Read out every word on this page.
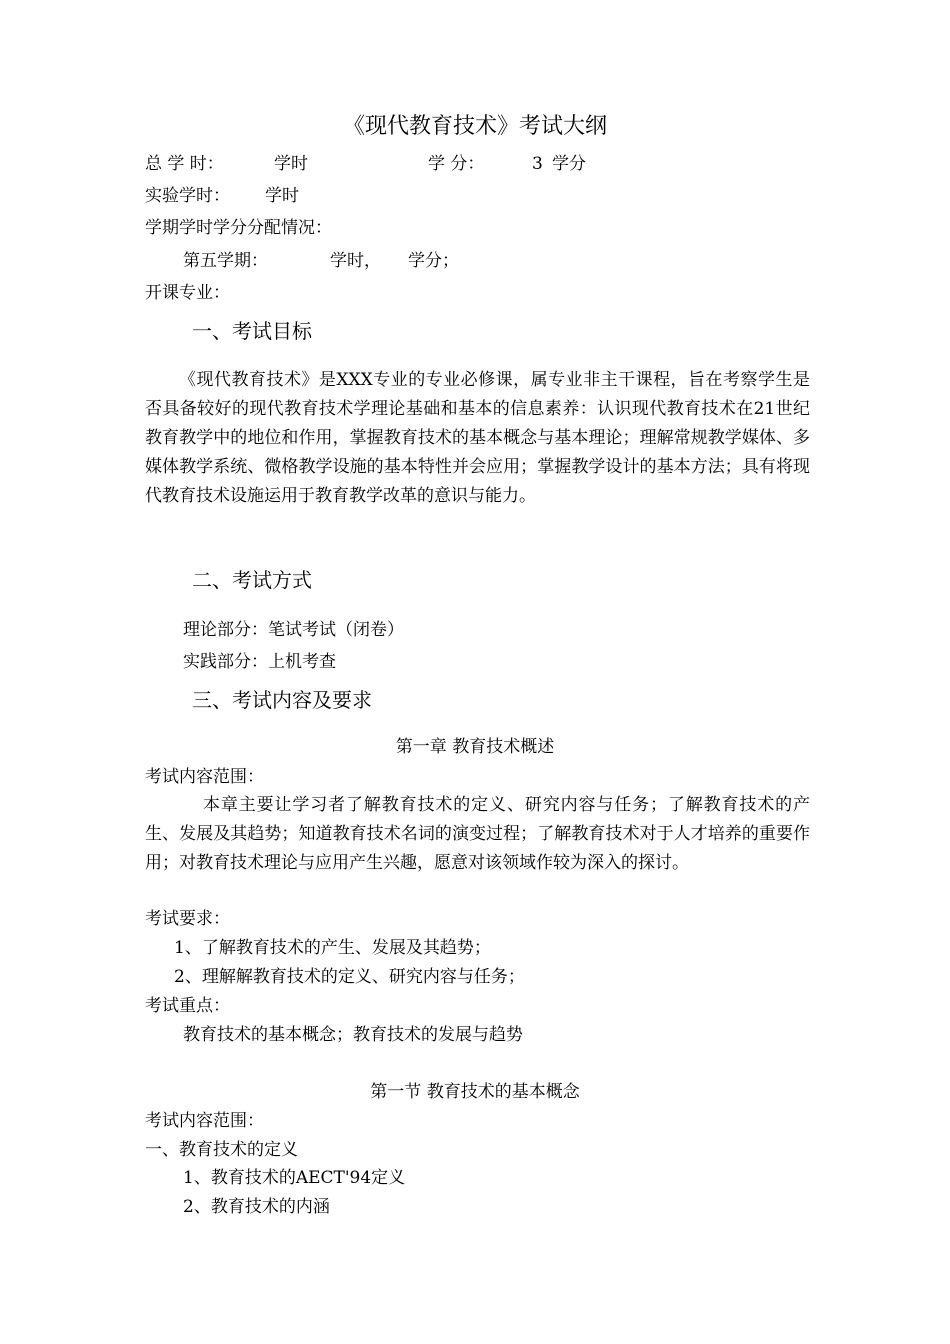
《现代教育技术》考试大纲
总 学 时：	学时	学 分：	3 学分
实验学时： 学时
学期学时学分分配情况：
第五学期：	学时， 学分；
开课专业：
一、考试目标
《现代教育技术》是XXX专业的专业必修课，属专业非主干课程，旨在考察学生是否具备较好的现代教育技术学理论基础和基本的信息素养：认识现代教育技术在21世纪教育教学中的地位和作用，掌握教育技术的基本概念与基本理论；理解常规教学媒体、多媒体教学系统、微格教学设施的基本特性并会应用；掌握教学设计的基本方法；具有将现代教育技术设施运用于教育教学改革的意识与能力。
二、考试方式
理论部分：笔试考试（闭卷）
实践部分：上机考查
三、考试内容及要求
第一章 教育技术概述
考试内容范围：
本章主要让学习者了解教育技术的定义、研究内容与任务；了解教育技术的产生、发展及其趋势；知道教育技术名词的演变过程；了解教育技术对于人才培养的重要作用；对教育技术理论与应用产生兴趣，愿意对该领域作较为深入的探讨。
考试要求：
1、了解教育技术的产生、发展及其趋势；
2、理解解教育技术的定义、研究内容与任务；
考试重点：
教育技术的基本概念；教育技术的发展与趋势
第一节 教育技术的基本概念
考试内容范围：
一、教育技术的定义
1、教育技术的AECT'94定义
2、教育技术的内涵
